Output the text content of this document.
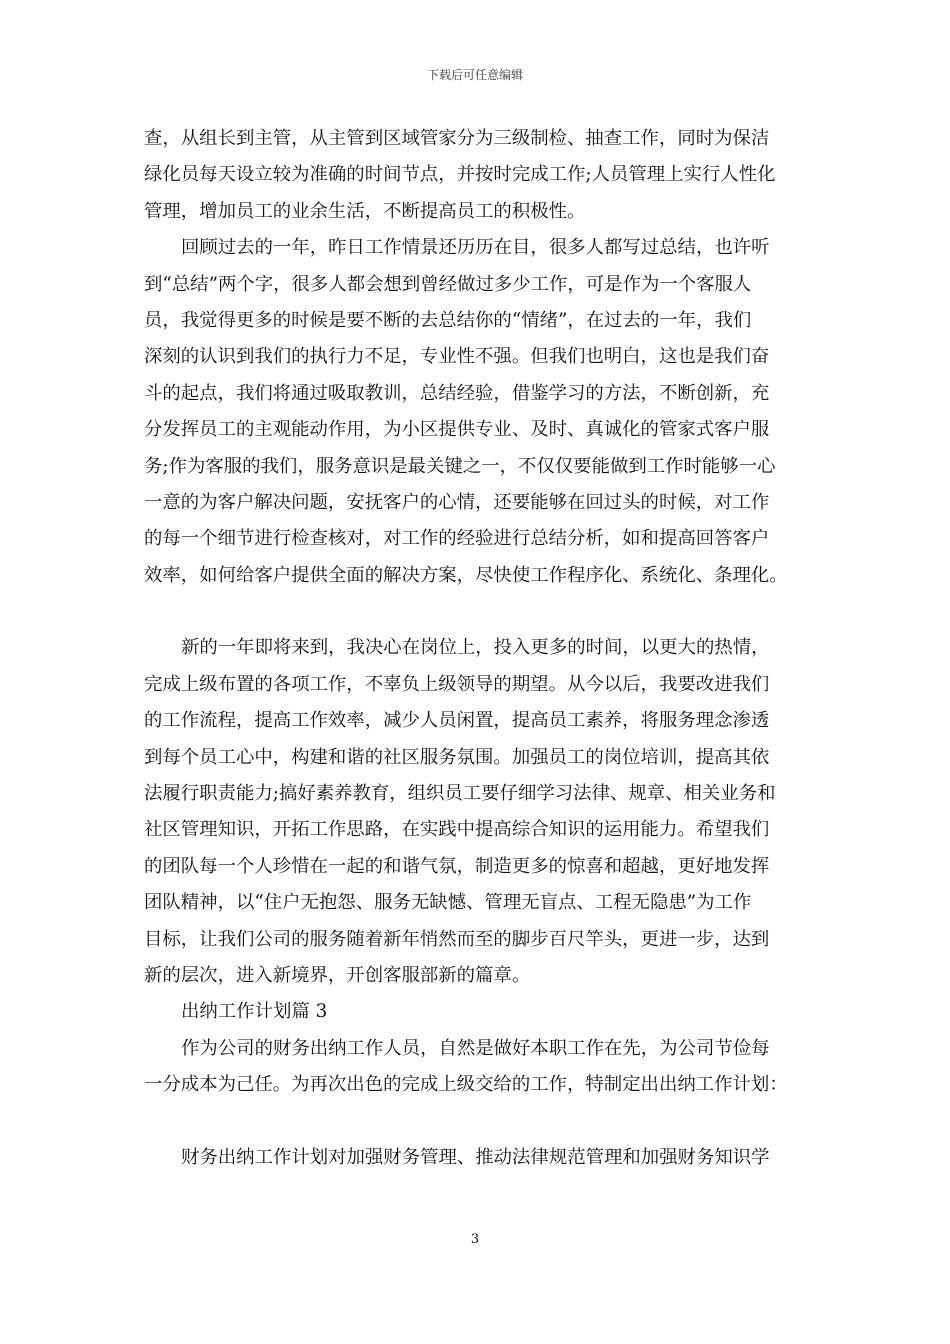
下载后可任意编辑
查，从组长到主管，从主管到区域管家分为三级制检、抽查工作，同时为保洁
绿化员每天设立较为准确的时间节点，并按时完成工作;人员管理上实行人性化
管理，增加员工的业余生活，不断提高员工的积极性。
回顾过去的一年，昨日工作情景还历历在目，很多人都写过总结，也许听
到“总结”两个字，很多人都会想到曾经做过多少工作，可是作为一个客服人
员，我觉得更多的时候是要不断的去总结你的“情绪”，在过去的一年，我们
深刻的认识到我们的执行力不足，专业性不强。但我们也明白，这也是我们奋
斗的起点，我们将通过吸取教训，总结经验，借鉴学习的方法，不断创新，充
分发挥员工的主观能动作用，为小区提供专业、及时、真诚化的管家式客户服
务;作为客服的我们，服务意识是最关键之一，不仅仅要能做到工作时能够一心
一意的为客户解决问题，安抚客户的心情，还要能够在回过头的时候，对工作
的每一个细节进行检查核对，对工作的经验进行总结分析，如和提高回答客户
效率，如何给客户提供全面的解决方案，尽快使工作程序化、系统化、条理化。
新的一年即将来到，我决心在岗位上，投入更多的时间，以更大的热情，
完成上级布置的各项工作，不辜负上级领导的期望。从今以后，我要改进我们
的工作流程，提高工作效率，减少人员闲置，提高员工素养，将服务理念渗透
到每个员工心中，构建和谐的社区服务氛围。加强员工的岗位培训，提高其依
法履行职责能力;搞好素养教育，组织员工要仔细学习法律、规章、相关业务和
社区管理知识，开拓工作思路，在实践中提高综合知识的运用能力。希望我们
的团队每一个人珍惜在一起的和谐气氛，制造更多的惊喜和超越，更好地发挥
团队精神，以“住户无抱怨、服务无缺憾、管理无盲点、工程无隐患”为工作
目标，让我们公司的服务随着新年悄然而至的脚步百尺竿头，更进一步，达到
新的层次，进入新境界，开创客服部新的篇章。
出纳工作计划篇 3
作为公司的财务出纳工作人员，自然是做好本职工作在先，为公司节俭每
一分成本为己任。为再次出色的完成上级交给的工作，特制定出出纳工作计划：
财务出纳工作计划对加强财务管理、推动法律规范管理和加强财务知识学
3
